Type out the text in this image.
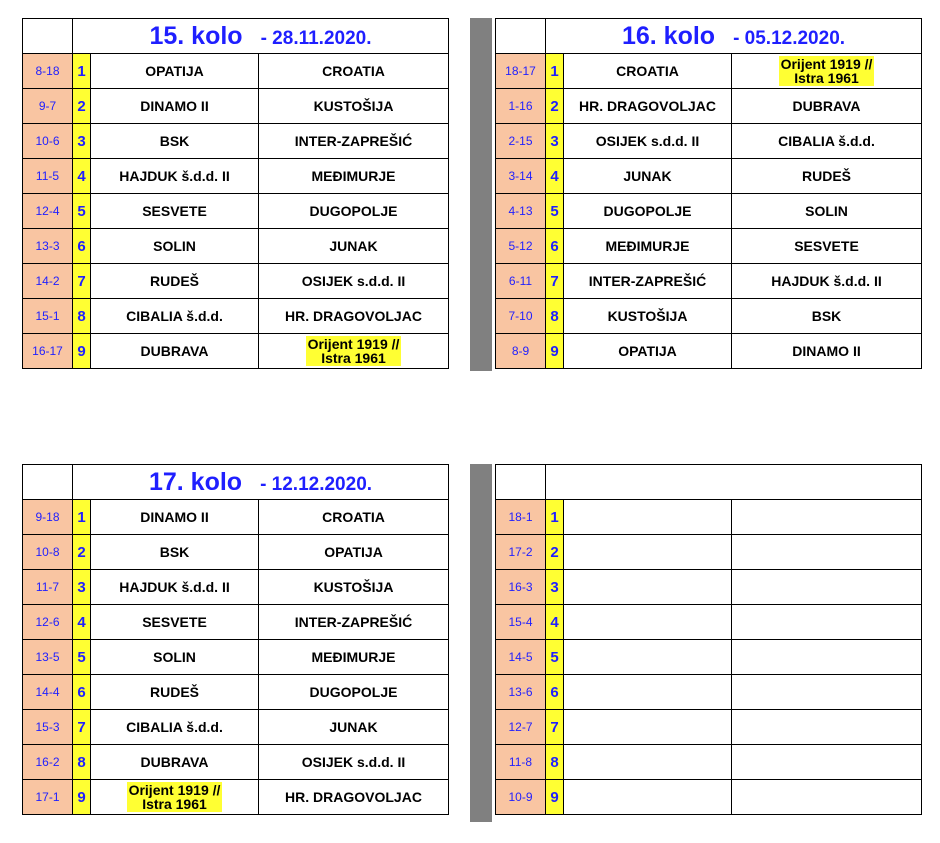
	15. kolo - 28.11.2020.		
8-18	1	OPATIJA	CROATIA
9-7	2	DINAMO II	KUSTOŠIJA
10-6	3	BSK	INTER-ZAPREŠIĆ
11-5	4	HAJDUK š.d.d. II	MEĐIMURJE
12-4	5	SESVETE	DUGOPOLJE
13-3	6	SOLIN	JUNAK
14-2	7	RUDEŠ	OSIJEK s.d.d. II
15-1	8	CIBALIA š.d.d.	HR. DRAGOVOLJAC
16-17	9	DUBRAVA	Orijent 1919 //
Istra 1961
	16. kolo - 05.12.2020.		
18-17	1	CROATIA	Orijent 1919 //
Istra 1961
1-16	2	HR. DRAGOVOLJAC	DUBRAVA
2-15	3	OSIJEK s.d.d. II	CIBALIA š.d.d.
3-14	4	JUNAK	RUDEŠ
4-13	5	DUGOPOLJE	SOLIN
5-12	6	MEĐIMURJE	SESVETE
6-11	7	INTER-ZAPREŠIĆ	HAJDUK š.d.d. II
7-10	8	KUSTOŠIJA	BSK
8-9	9	OPATIJA	DINAMO II
	17. kolo - 12.12.2020.		
9-18	1	DINAMO II	CROATIA
10-8	2	BSK	OPATIJA
11-7	3	HAJDUK š.d.d. II	KUSTOŠIJA
12-6	4	SESVETE	INTER-ZAPREŠIĆ
13-5	5	SOLIN	MEĐIMURJE
14-4	6	RUDEŠ	DUGOPOLJE
15-3	7	CIBALIA š.d.d.	JUNAK
16-2	8	DUBRAVA	OSIJEK s.d.d. II
17-1	9	Orijent 1919 //
Istra 1961	HR. DRAGOVOLJAC

18-1	1		
17-2	2		
16-3	3		
15-4	4		
14-5	5		
13-6	6		
12-7	7		
11-8	8		
10-9	9		
